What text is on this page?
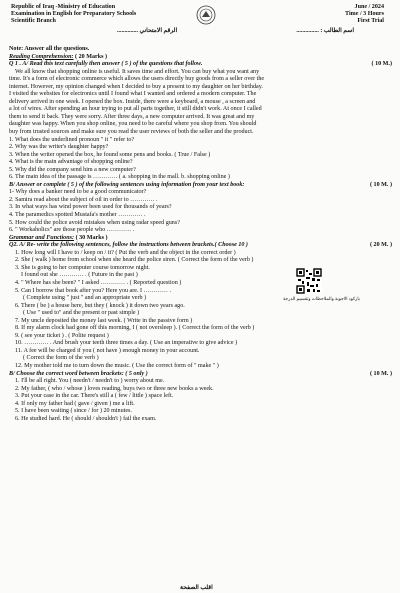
Republic of Iraq -Ministry of Education
Examination in English for Preparatory Schools
Scientific Branch
June / 2024
Time / 3 Hours
First Trial
الرقم الامتحاني ..............	اسم الطالب : ...............
Note: Answer all the questions.
Reading Comprehension: ( 20 Marks )
Q 1 . A/ Read this text carefully then answer ( 5 ) of the questions that follow.	( 10 M.)
We all know that shopping online is useful. It saves time and effort. You can buy what you want any
time. It's a form of electronic commerce which allows the users directly buy goods from a seller over the
internet. However, my opinion changed when I decided to buy a present to my daughter on her birthday.
I visited the websites for electronics until I found what I wanted and ordered a modern computer. The
delivery arrived in one week. I opened the box. Inside, there were a keyboard, a mouse , a screen and
a lot of wires. After spending an hour trying to put all parts together, it still didn't work. At once I called
them to send it back. They were sorry. After three days, a new computer arrived. It was great and my
daughter was happy. When you shop online, you need to be careful where you shop from. You should
buy from trusted sources and make sure you read the user reviews of both the seller and the product.
1. What does the underlined pronoun " it " refer to?
2. Why was the writer's daughter happy?
3. When the writer opened the box, he found some pens and books. ( True / False )
4. What is the main advantage of shopping online?
5. Why did the company send him a new computer?
6. The main idea of the passage is ………… ( a. shopping in the mall. b. shopping online )
B/ Answer or complete ( 5 ) of the following sentences using information from your text book:	( 10 M. )
1- Why does a banker need to be a good communicator?
2. Samira read about the subject of oil in order to ………… .
3. In what ways has wind power been used for thousands of years?
4. The paramedics spotted Mustafa's mother ………… .
5. How could the police avoid mistakes when using radar speed guns?
6. " Workaholics" are those people who ………… .
بازكود الاجوبة والملاحظات وتقسيم الدرجة
Grammar and Functions: ( 30 Marks )
Q2. A/ Re- write the following sentences, follow the instructions between brackets.( Choose 10 )	( 20 M. )
1. How long will I have to / keep on / it? ( Put the verb and the object in the correct order )
2. She ( walk ) home from school when she heard the police siren. ( Correct the form of the verb )
3. She is going to her computer course tomorrow night.
I found out she ………… . ( Future in the past )
4. " Where has she been? " I asked ………… . ( Reported question )
5. Can I borrow that book after you? Here you are. I ………… .
( Complete using " just " and an appropriate verb )
6. There ( be ) a house here, but they ( knock ) it down two years ago.
( Use " used to" and the present or past simple )
7. My uncle deposited the money last week. ( Write in the passive form )
8. If my alarm clock had gone off this morning, I ( not oversleep ). ( Correct the form of the verb )
9. ( see your ticket ) . ( Polite request )
10. ………… . And brush your teeth three times a day. ( Use an imperative to give advice )
11. A fee will be charged if you ( not have ) enough money in your account.
( Correct the form of the verb )
12. My mother told me to turn down the music. ( Use the correct form of " make " )
B/ Choose the correct word between brackets: ( 5 only )	( 10 M. )
1. I'll be all right. You ( needn't / needn't to ) worry about me.
2. My father, ( who / whose ) loves reading, buys two or three new books a week.
3. Put your case in the car. There's still a ( few / little ) space left.
4. If only my father had ( gave / given ) me a lift.
5. I have been waiting ( since / for ) 20 minutes.
6. He studied hard. He ( should / shouldn't ) fail the exam.
اقلب الصفحة
